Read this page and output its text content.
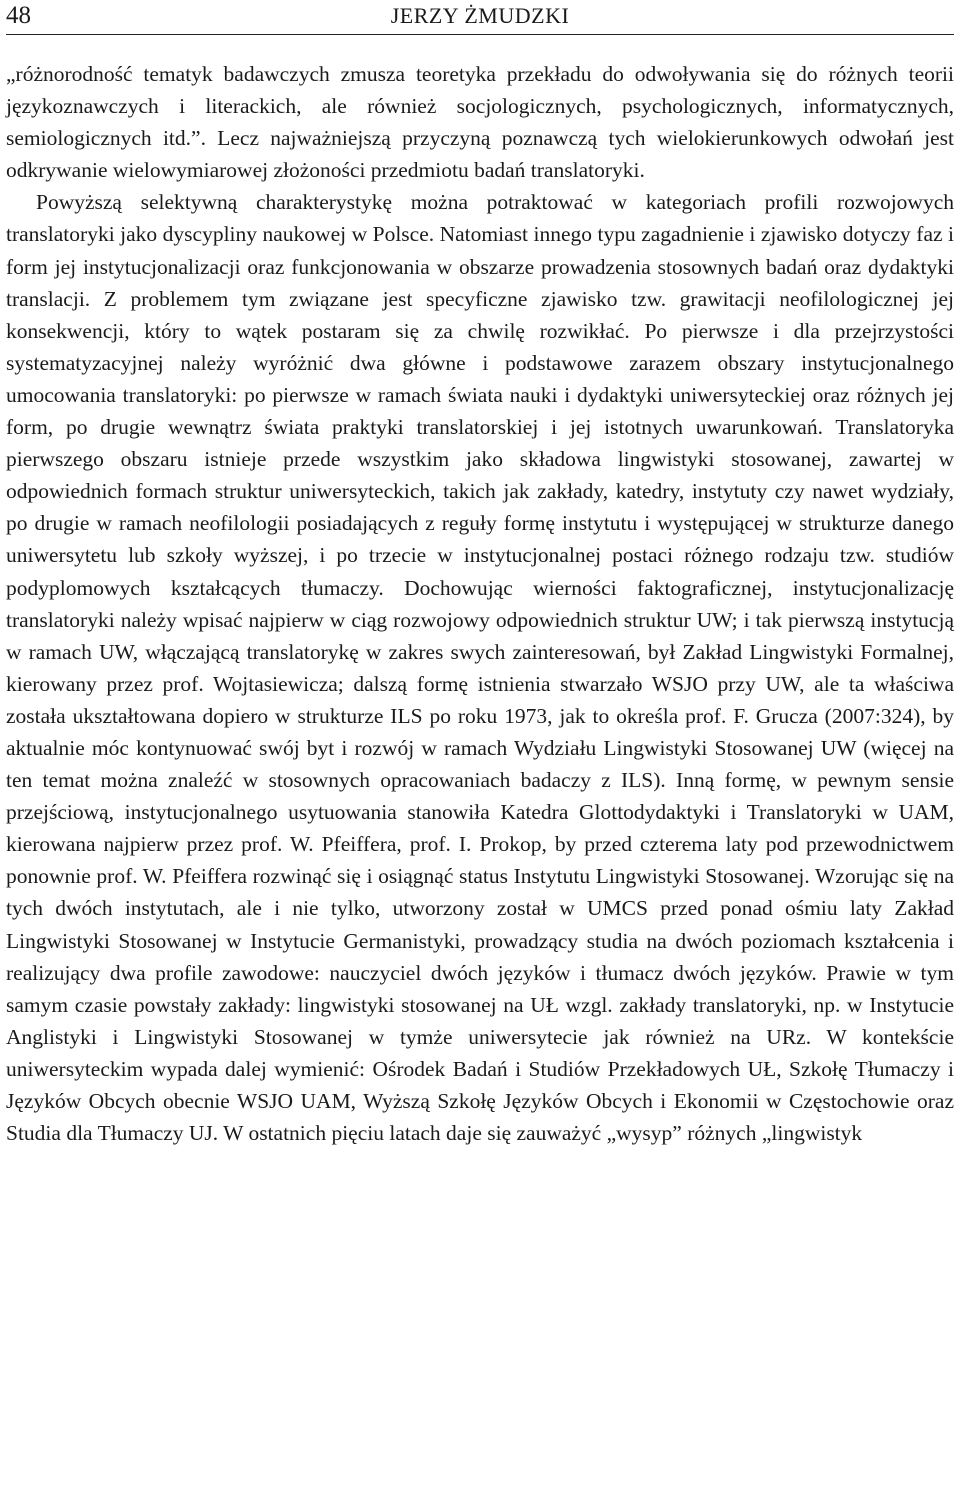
48	JERZY ŻMUDZKI

„różnorodność tematyk badawczych zmusza teoretyka przekładu do odwoływania się do różnych teorii językoznawczych i literackich, ale również socjologicznych, psychologicznych, informatycznych, semiologicznych itd.”. Lecz najważniejszą przyczyną poznawczą tych wielokierunkowych odwołań jest odkrywanie wielowymiarowej złożoności przedmiotu badań translatoryki.

Powyższą selektywną charakterystykę można potraktować w kategoriach profili rozwojowych translatoryki jako dyscypliny naukowej w Polsce. Natomiast innego typu zagadnienie i zjawisko dotyczy faz i form jej instytucjonalizacji oraz funkcjonowania w obszarze prowadzenia stosownych badań oraz dydaktyki translacji. Z problemem tym związane jest specyficzne zjawisko tzw. grawitacji neofilologicznej jej konsekwencji, który to wątek postaram się za chwilę rozwikłać. Po pierwsze i dla przejrzystości systematyzacyjnej należy wyróżnić dwa główne i podstawowe zarazem obszary instytucjonalnego umocowania translatoryki: po pierwsze w ramach świata nauki i dydaktyki uniwersyteckiej oraz różnych jej form, po drugie wewnątrz świata praktyki translatorskiej i jej istotnych uwarunkowań. Translatoryka pierwszego obszaru istnieje przede wszystkim jako składowa lingwistyki stosowanej, zawartej w odpowiednich formach struktur uniwersyteckich, takich jak zakłady, katedry, instytuty czy nawet wydziały, po drugie w ramach neofilologii posiadających z reguły formę instytutu i występującej w strukturze danego uniwersytetu lub szkoły wyższej, i po trzecie w instytucjonalnej postaci różnego rodzaju tzw. studiów podyplomowych kształcących tłumaczy. Dochowując wierności faktograficznej, instytucjonalizację translatoryki należy wpisać najpierw w ciąg rozwojowy odpowiednich struktur UW; i tak pierwszą instytucją w ramach UW, włączającą translatorykę w zakres swych zainteresowań, był Zakład Lingwistyki Formalnej, kierowany przez prof. Wojtasiewicza; dalszą formę istnienia stwarzało WSJO przy UW, ale ta właściwa została ukształtowana dopiero w strukturze ILS po roku 1973, jak to określa prof. F. Grucza (2007:324), by aktualnie móc kontynuować swój byt i rozwój w ramach Wydziału Lingwistyki Stosowanej UW (więcej na ten temat można znaleźć w stosownych opracowaniach badaczy z ILS). Inną formę, w pewnym sensie przejściową, instytucjonalnego usytuowania stanowiła Katedra Glottodydaktyki i Translatoryki w UAM, kierowana najpierw przez prof. W. Pfeiffera, prof. I. Prokop, by przed czterema laty pod przewodnictwem ponownie prof. W. Pfeiffera rozwinąć się i osiągnąć status Instytutu Lingwistyki Stosowanej. Wzorując się na tych dwóch instytutach, ale i nie tylko, utworzony został w UMCS przed ponad ośmiu laty Zakład Lingwistyki Stosowanej w Instytucie Germanistyki, prowadzący studia na dwóch poziomach kształcenia i realizujący dwa profile zawodowe: nauczyciel dwóch języków i tłumacz dwóch języków. Prawie w tym samym czasie powstały zakłady: lingwistyki stosowanej na UŁ wzgl. zakłady translatoryki, np. w Instytucie Anglistyki i Lingwistyki Stosowanej w tymże uniwersytecie jak również na URz. W kontekście uniwersyteckim wypada dalej wymienić: Ośrodek Badań i Studiów Przekładowych UŁ, Szkołę Tłumaczy i Języków Obcych obecnie WSJO UAM, Wyższą Szkołę Języków Obcych i Ekonomii w Częstochowie oraz Studia dla Tłumaczy UJ. W ostatnich pięciu latach daje się zauważyć „wysyp” różnych „lingwistyk
